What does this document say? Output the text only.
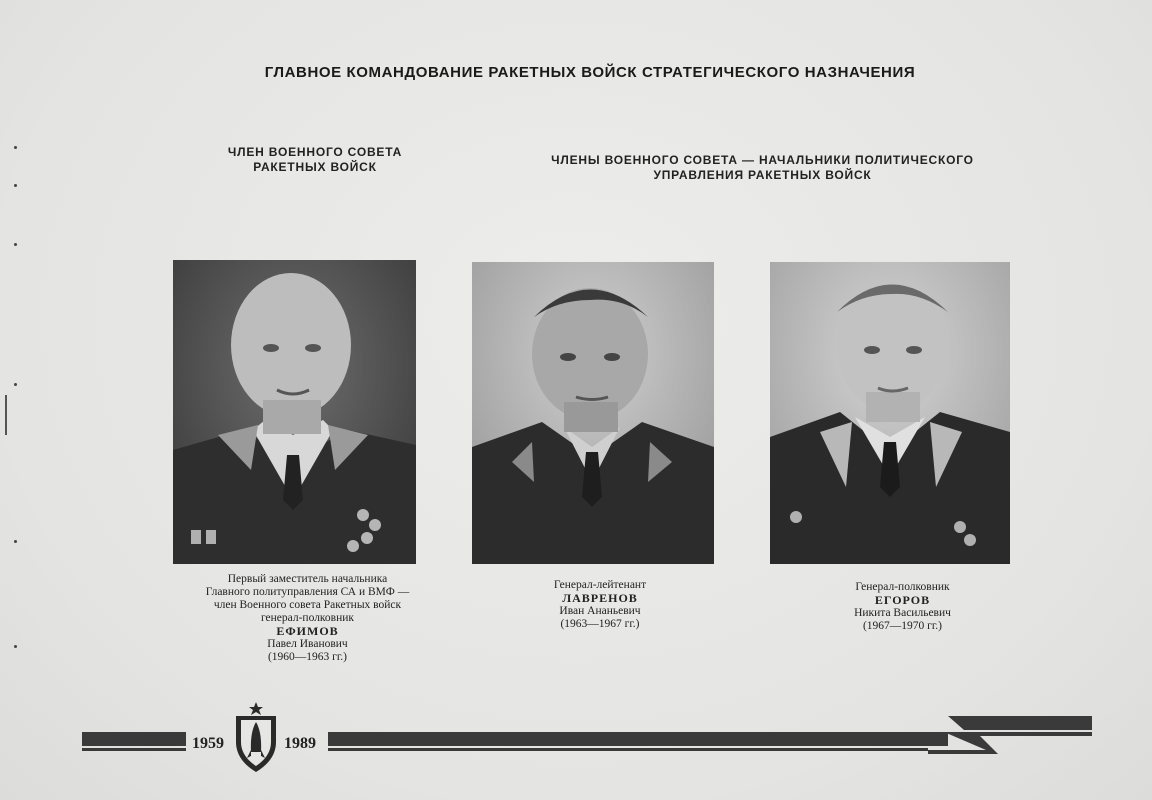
ГЛАВНОЕ КОМАНДОВАНИЕ РАКЕТНЫХ ВОЙСК СТРАТЕГИЧЕСКОГО НАЗНАЧЕНИЯ
ЧЛЕН ВОЕННОГО СОВЕТА
РАКЕТНЫХ ВОЙСК	ЧЛЕНЫ ВОЕННОГО СОВЕТА — НАЧАЛЬНИКИ ПОЛИТИЧЕСКОГО
УПРАВЛЕНИЯ РАКЕТНЫХ ВОЙСК
Первый заместитель начальника
Главного политуправления СА и ВМФ —
член Военного совета Ракетных войск
генерал-полковник
ЕФИМОВ
Павел Иванович
(1960—1963 гг.)
Генерал-лейтенант
ЛАВРЕНОВ
Иван Ананьевич
(1963—1967 гг.)
Генерал-полковник
ЕГОРОВ
Никита Васильевич
(1967—1970 гг.)
1959	1989
